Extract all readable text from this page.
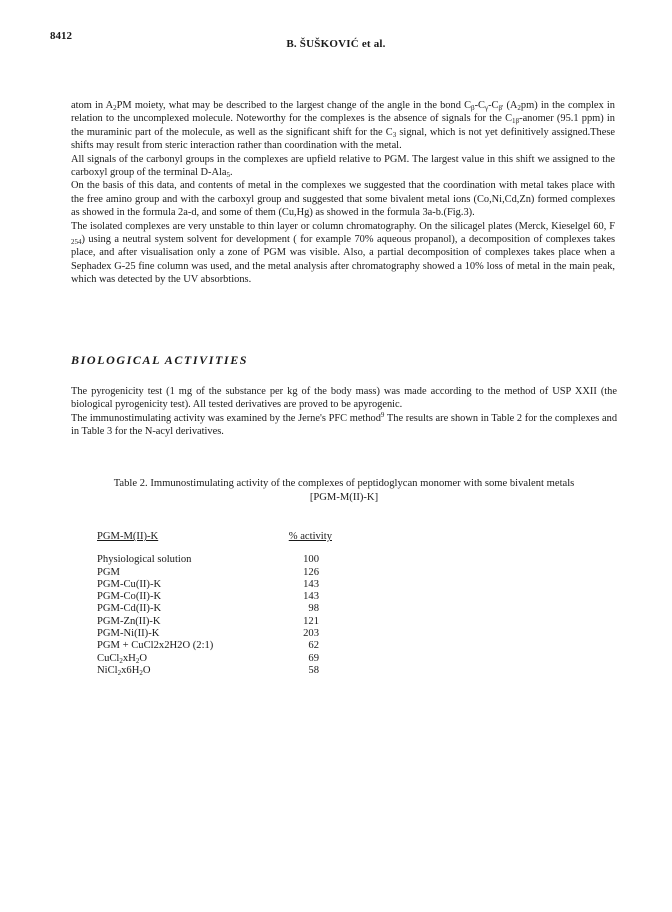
8412
B. ŠUŠKOVIĆ et al.

atom in $A_2PM$ moiety, what may be described to the largest change of the angle in the bond $C_\beta-C_\gamma-C_{\beta'}$ $(A_2pm)$ in the complex in relation to the uncomplexed molecule. Noteworthy for the complexes is the absence of signals for the $C_{1\beta}$-anomer (95.1 ppm) in the muraminic part of the molecule, as well as the significant shift for the $C_3$ signal, which is not yet definitively assigned.These shifts may result from steric interaction rather than coordination with the metal.

All signals of the carbonyl groups in the complexes are upfield relative to PGM. The largest value in this shift we assigned to the carboxyl group of the terminal D-Ala$_5$.

On the basis of this data, and contents of metal in the complexes we suggested that the coordination with metal takes place with the free amino group and with the carboxyl group and suggested that some bivalent metal ions (Co,Ni,Cd,Zn) formed complexes as showed in the formula 2a-d, and some of them (Cu,Hg) as showed in the formula 3a-b.(Fig.3).

The isolated complexes are very unstable to thin layer or column chromatography. On the silicagel plates (Merck, Kieselgel 60, F $_{254}$) using a neutral system solvent for development ( for example 70% aqueous propanol), a decomposition of complexes takes place, and after visualisation only a zone of PGM was visible. Also, a partial decomposition of complexes takes place when a Sephadex G-25 fine column was used, and the metal analysis after chromatography showed a 10% loss of metal in the main peak, which was detected by the UV absorbtions.

BIOLOGICAL ACTIVITIES

The pyrogenicity test (1 mg of the substance per kg of the body mass) was made according to the method of USP XXII (the biological pyrogenicity test). All tested derivatives are proved to be apyrogenic.

The immunostimulating activity was examined by the Jerne's PFC method$^9$ The results are shown in Table 2 for the complexes and in Table 3 for the N-acyl derivatives.

Table 2. Immunostimulating activity of the complexes of peptidoglycan monomer with some bivalent metals
[PGM-M(II)-K]
PGM-M(II)-K	% activity
Physiological solution	100
PGM	126
PGM-Cu(II)-K	143
PGM-Co(II)-K	143
PGM-Cd(II)-K	98
PGM-Zn(II)-K	121
PGM-Ni(II)-K	203
PGM + CuCl2x2H2O (2:1)	62
$CuCl_2xH_2O$	69
$NiCl_2x6H_2O$	58
